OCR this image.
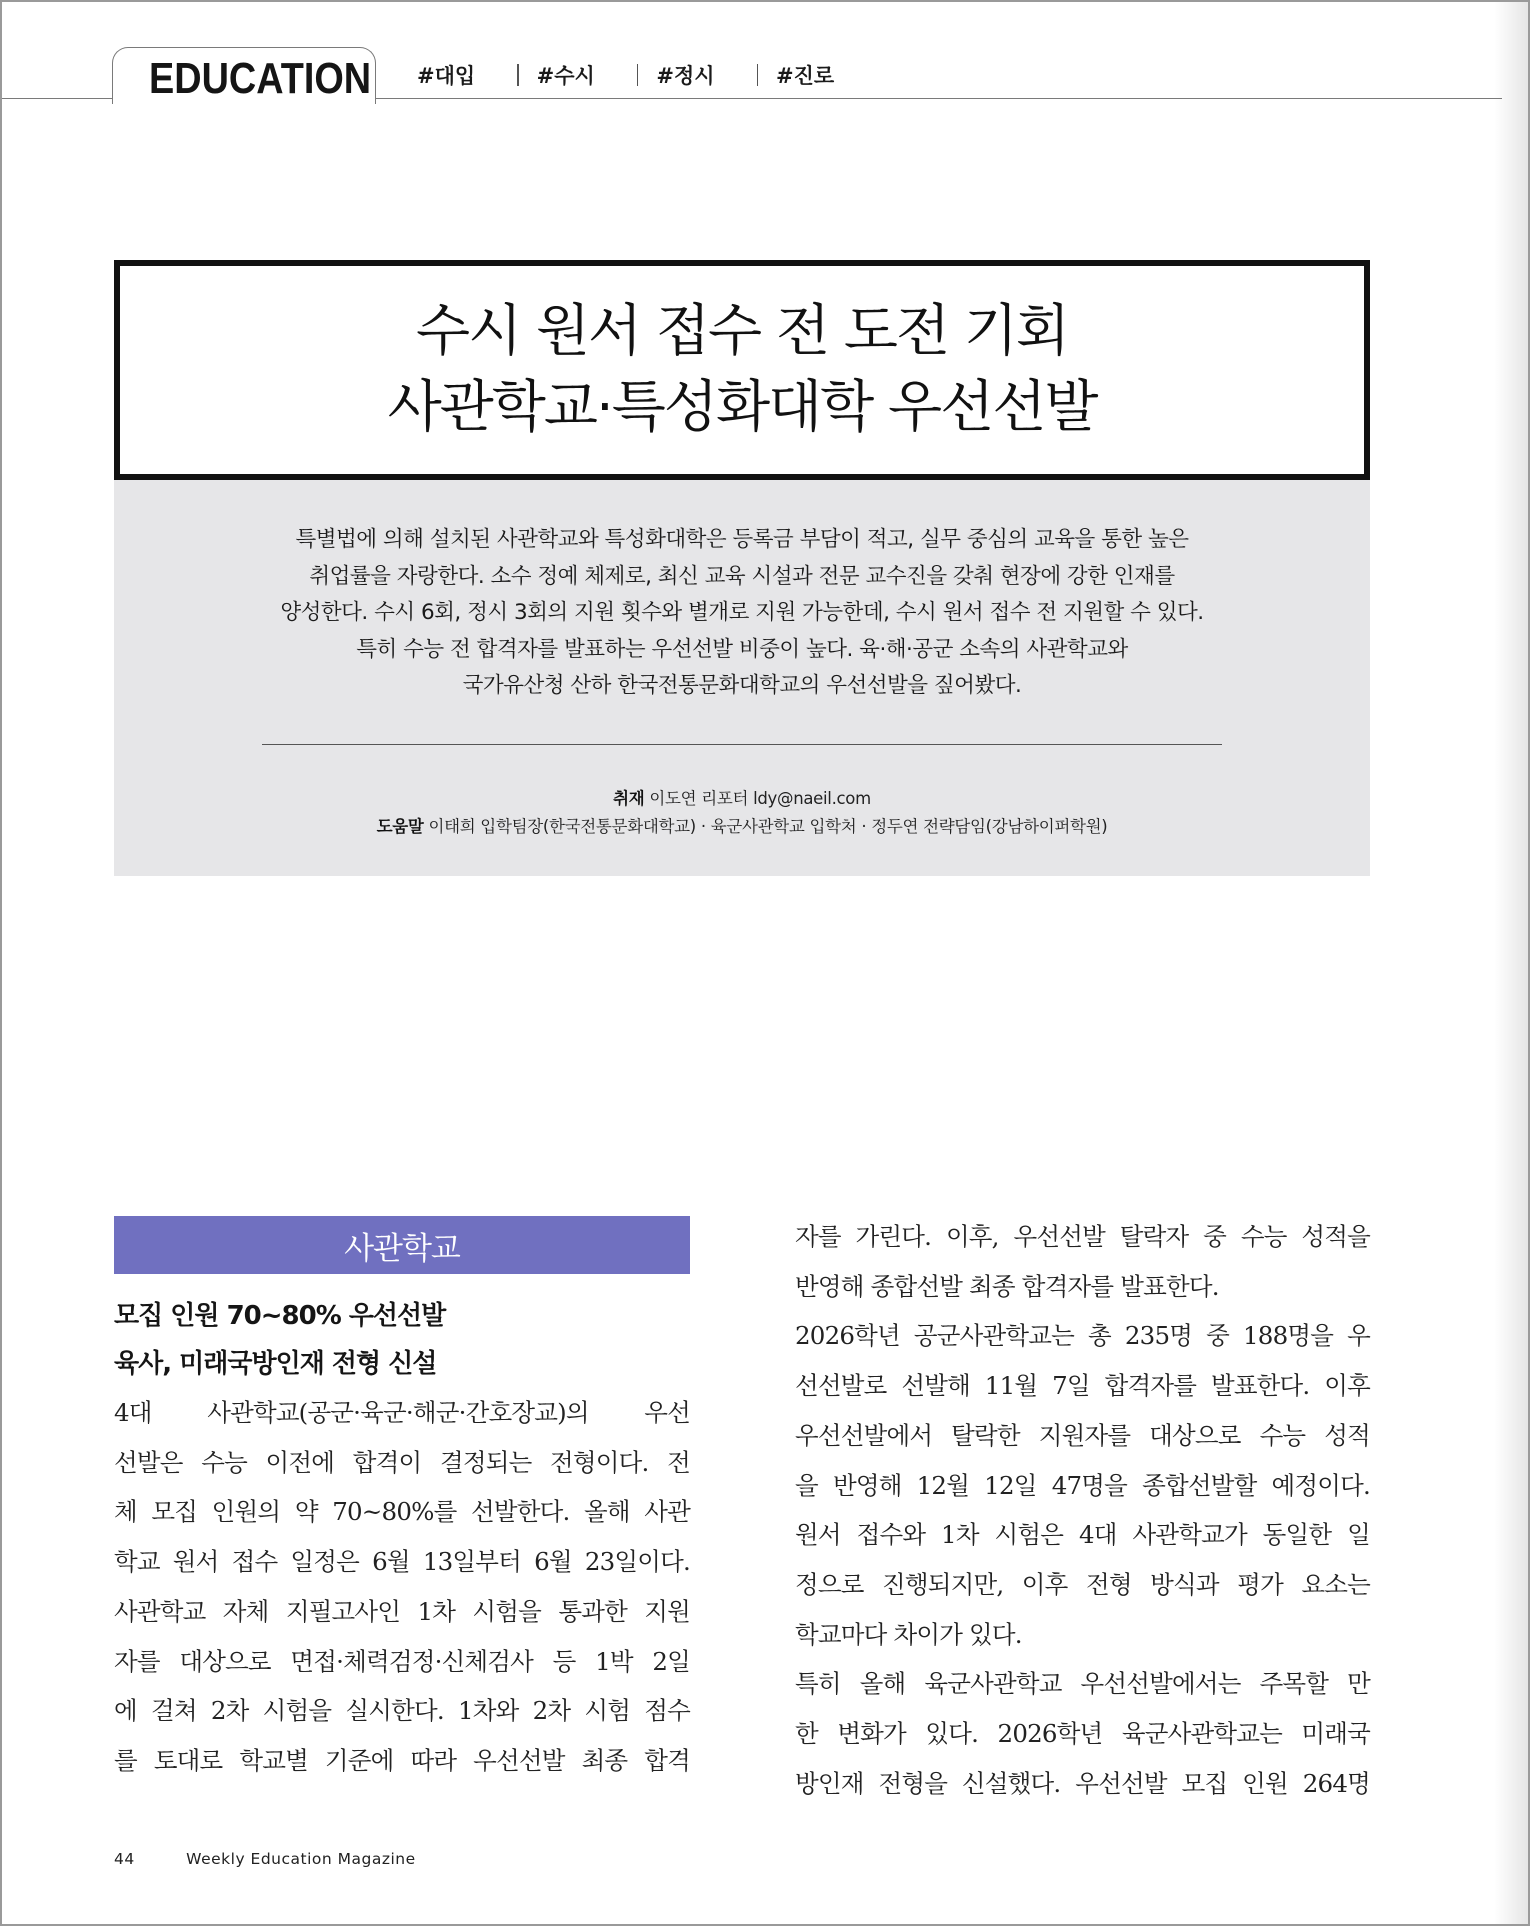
EDUCATION #대입	#수시	#정시	#진로
수시 원서 접수 전 도전 기회
사관학교·특성화대학 우선선발
특별법에 의해 설치된 사관학교와 특성화대학은 등록금 부담이 적고, 실무 중심의 교육을 통한 높은
취업률을 자랑한다. 소수 정예 체제로, 최신 교육 시설과 전문 교수진을 갖춰 현장에 강한 인재를
양성한다. 수시 6회, 정시 3회의 지원 횟수와 별개로 지원 가능한데, 수시 원서 접수 전 지원할 수 있다.
특히 수능 전 합격자를 발표하는 우선선발 비중이 높다. 육·해·공군 소속의 사관학교와
국가유산청 산하 한국전통문화대학교의 우선선발을 짚어봤다.
취재 이도연 리포터 ldy@naeil.com
도움말 이태희 입학팀장(한국전통문화대학교) · 육군사관학교 입학처 · 정두연 전략담임(강남하이퍼학원)
사관학교
모집 인원 70~80% 우선선발
육사, 미래국방인재 전형 신설
4대 사관학교(공군·육군·해군·간호장교)의 우선
선발은 수능 이전에 합격이 결정되는 전형이다. 전
체 모집 인원의 약 70~80%를 선발한다. 올해 사관
학교 원서 접수 일정은 6월 13일부터 6월 23일이다.
사관학교 자체 지필고사인 1차 시험을 통과한 지원
자를 대상으로 면접·체력검정·신체검사 등 1박 2일
에 걸쳐 2차 시험을 실시한다. 1차와 2차 시험 점수
를 토대로 학교별 기준에 따라 우선선발 최종 합격
자를 가린다. 이후, 우선선발 탈락자 중 수능 성적을
반영해 종합선발 최종 합격자를 발표한다.
2026학년 공군사관학교는 총 235명 중 188명을 우
선선발로 선발해 11월 7일 합격자를 발표한다. 이후
우선선발에서 탈락한 지원자를 대상으로 수능 성적
을 반영해 12월 12일 47명을 종합선발할 예정이다.
원서 접수와 1차 시험은 4대 사관학교가 동일한 일
정으로 진행되지만, 이후 전형 방식과 평가 요소는
학교마다 차이가 있다.
특히 올해 육군사관학교 우선선발에서는 주목할 만
한 변화가 있다. 2026학년 육군사관학교는 미래국
방인재 전형을 신설했다. 우선선발 모집 인원 264명
44	Weekly Education Magazine
